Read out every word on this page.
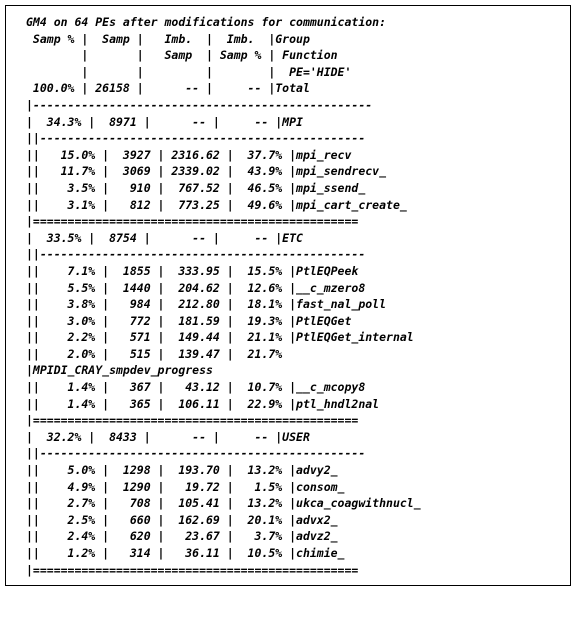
GM4 on 64 PEs after modifications for communication:
Samp % |  Samp |   Imb.  |  Imb.  |Group
|       |   Samp  | Samp % | Function
|       |         |        |  PE='HIDE'
100.0% | 26158 |      -- |     -- |Total
|-------------------------------------------------
|  34.3% |  8971 |      -- |     -- |MPI
||-----------------------------------------------
||   15.0% |  3927 | 2316.62 |  37.7% |mpi_recv
||   11.7% |  3069 | 2339.02 |  43.9% |mpi_sendrecv_
||    3.5% |   910 |  767.52 |  46.5% |mpi_ssend_
||    3.1% |   812 |  773.25 |  49.6% |mpi_cart_create_
|===============================================
|  33.5% |  8754 |      -- |     -- |ETC
||-----------------------------------------------
||    7.1% |  1855 |  333.95 |  15.5% |PtlEQPeek
||    5.5% |  1440 |  204.62 |  12.6% |__c_mzero8
||    3.8% |   984 |  212.80 |  18.1% |fast_nal_poll
||    3.0% |   772 |  181.59 |  19.3% |PtlEQGet
||    2.2% |   571 |  149.44 |  21.1% |PtlEQGet_internal
||    2.0% |   515 |  139.47 |  21.7%
|MPIDI_CRAY_smpdev_progress
||    1.4% |   367 |   43.12 |  10.7% |__c_mcopy8
||    1.4% |   365 |  106.11 |  22.9% |ptl_hndl2nal
|===============================================
|  32.2% |  8433 |      -- |     -- |USER
||-----------------------------------------------
||    5.0% |  1298 |  193.70 |  13.2% |advy2_
||    4.9% |  1290 |   19.72 |   1.5% |consom_
||    2.7% |   708 |  105.41 |  13.2% |ukca_coagwithnucl_
||    2.5% |   660 |  162.69 |  20.1% |advx2_
||    2.4% |   620 |   23.67 |   3.7% |advz2_
||    1.2% |   314 |   36.11 |  10.5% |chimie_
|===============================================
